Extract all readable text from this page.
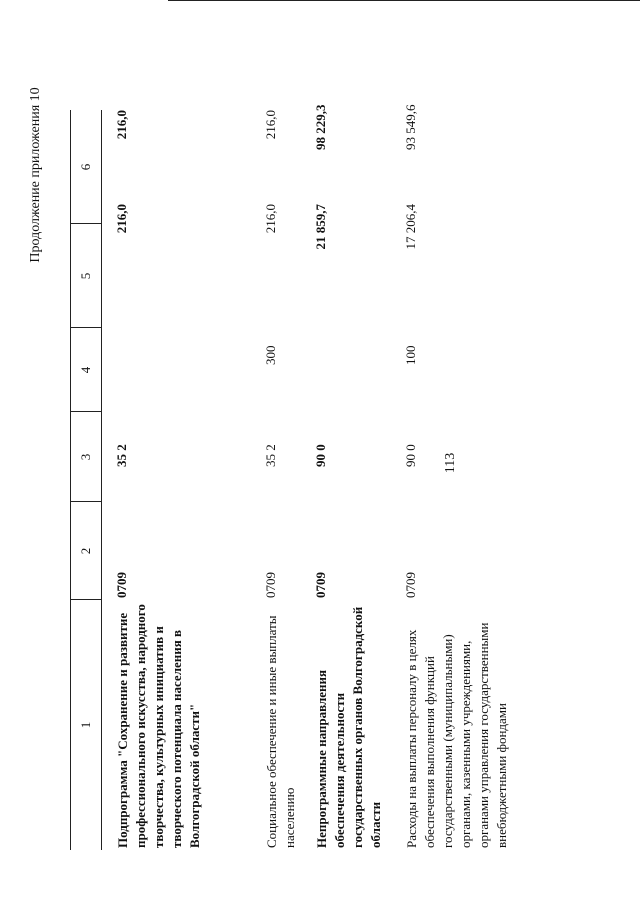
113
Продолжение приложения 10
1
2
3
4
5
6
Подпрограмма "Сохранение и развитие профессионального искусства, народного творчества, культурных инициатив и творческого потенциала населения в Волгоградской области"
0709
35 2
216,0
216,0
Социальное обеспечение и иные выплаты населению
0709
35 2
300
216,0
216,0
Непрограммные направления обеспечения деятельности государственных органов Волгоградской области
0709
90 0
21 859,7
98 229,3
Расходы на выплаты персоналу в целях обеспечения выполнения функций государственными (муниципальными) органами, казенными учреждениями, органами управления государственными внебюджетными фондами
0709
90 0
100
17 206,4
93 549,6
